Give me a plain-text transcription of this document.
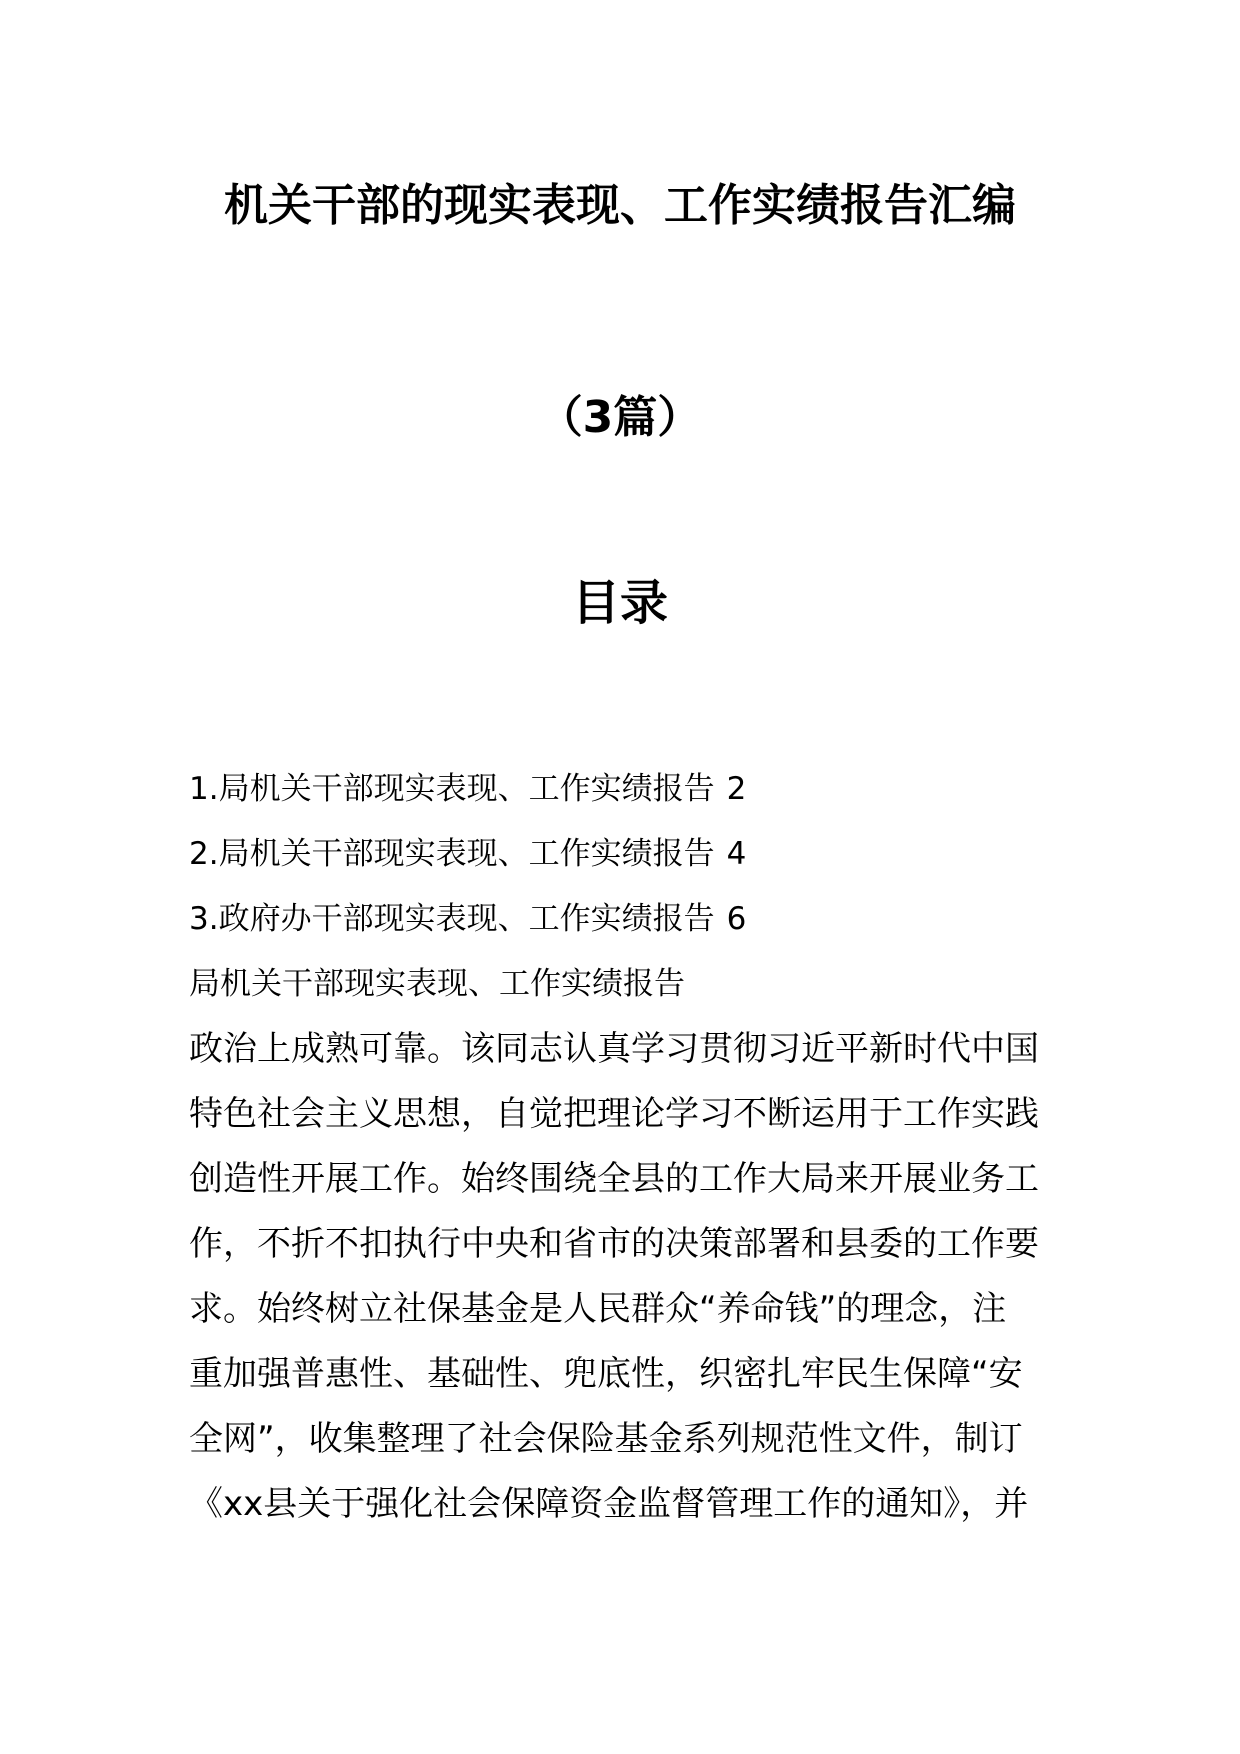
机关干部的现实表现、工作实绩报告汇编
（3篇）
目录
1.局机关干部现实表现、工作实绩报告 2
2.局机关干部现实表现、工作实绩报告 4
3.政府办干部现实表现、工作实绩报告 6
局机关干部现实表现、工作实绩报告

政治上成熟可靠。该同志认真学习贯彻习近平新时代中国
特色社会主义思想，自觉把理论学习不断运用于工作实践
创造性开展工作。始终围绕全县的工作大局来开展业务工
作，不折不扣执行中央和省市的决策部署和县委的工作要
求。始终树立社保基金是人民群众“养命钱”的理念，注
重加强普惠性、基础性、兜底性，织密扎牢民生保障“安
全网”，收集整理了社会保险基金系列规范性文件，制订
《xx县关于强化社会保障资金监督管理工作的通知》，并
